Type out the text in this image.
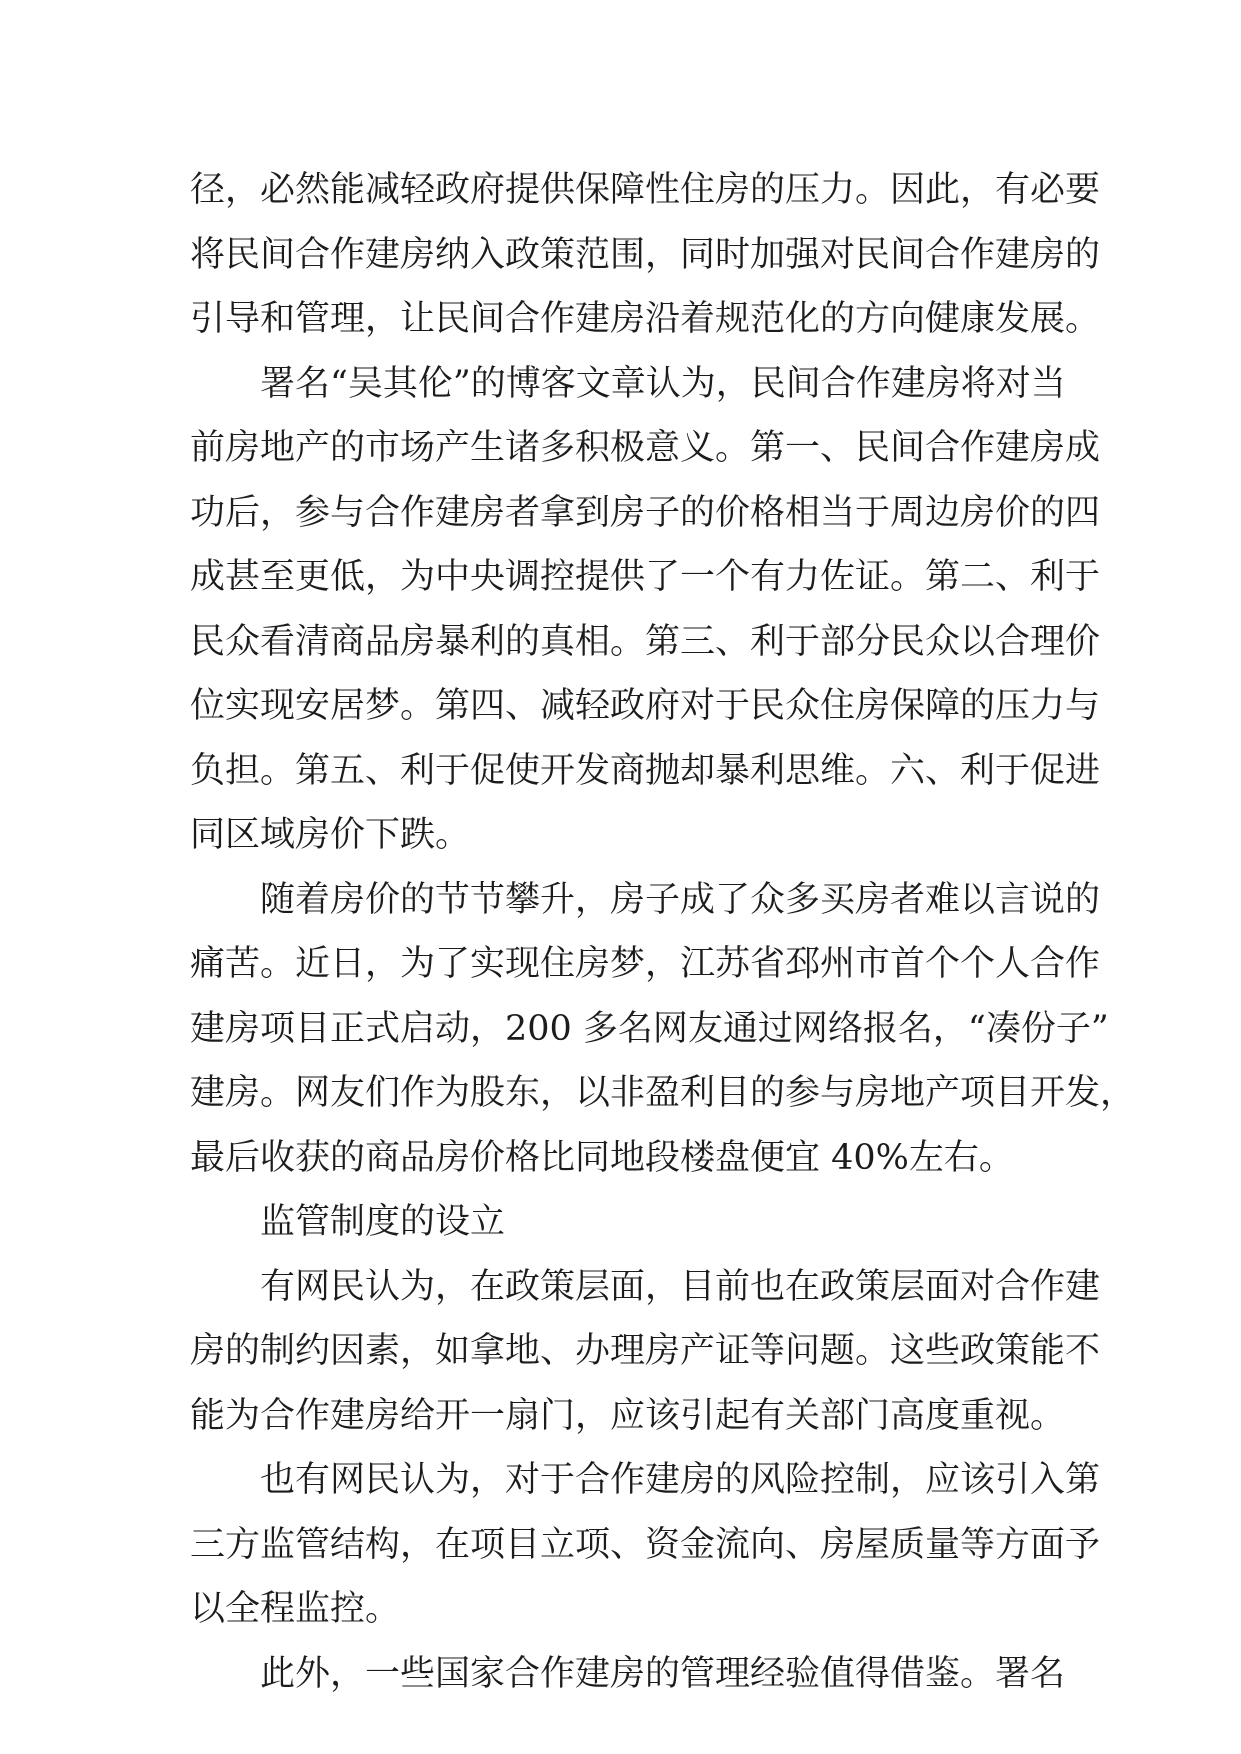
径，必然能减轻政府提供保障性住房的压力。因此，有必要
将民间合作建房纳入政策范围，同时加强对民间合作建房的
引导和管理，让民间合作建房沿着规范化的方向健康发展。
署名“吴其伦”的博客文章认为，民间合作建房将对当
前房地产的市场产生诸多积极意义。第一、民间合作建房成
功后，参与合作建房者拿到房子的价格相当于周边房价的四
成甚至更低，为中央调控提供了一个有力佐证。第二、利于
民众看清商品房暴利的真相。第三、利于部分民众以合理价
位实现安居梦。第四、减轻政府对于民众住房保障的压力与
负担。第五、利于促使开发商抛却暴利思维。六、利于促进
同区域房价下跌。
随着房价的节节攀升，房子成了众多买房者难以言说的
痛苦。近日，为了实现住房梦，江苏省邳州市首个个人合作
建房项目正式启动，200 多名网友通过网络报名，“凑份子”
建房。网友们作为股东，以非盈利目的参与房地产项目开发，
最后收获的商品房价格比同地段楼盘便宜 40%左右。
监管制度的设立
有网民认为，在政策层面，目前也在政策层面对合作建
房的制约因素，如拿地、办理房产证等问题。这些政策能不
能为合作建房给开一扇门，应该引起有关部门高度重视。
也有网民认为，对于合作建房的风险控制，应该引入第
三方监管结构，在项目立项、资金流向、房屋质量等方面予
以全程监控。
此外，一些国家合作建房的管理经验值得借鉴。署名
